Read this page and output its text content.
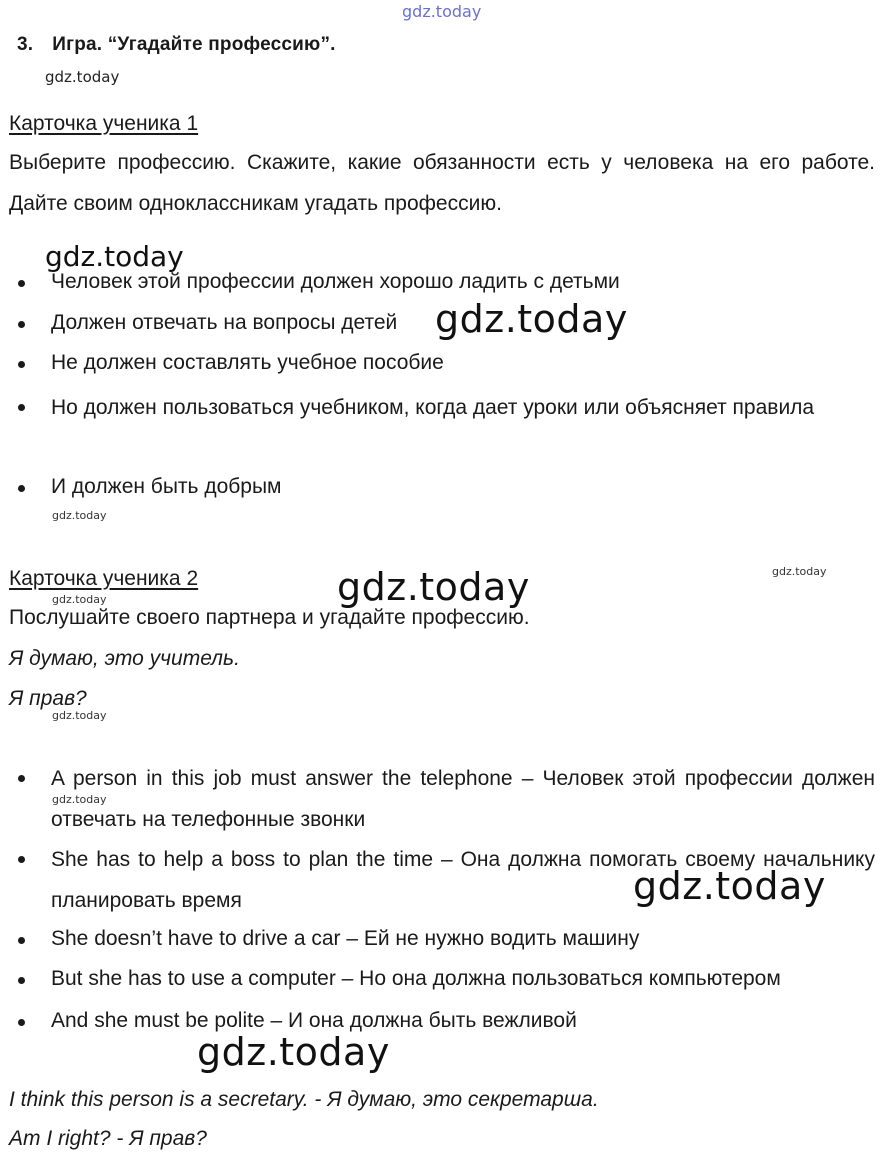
gdz.today
gdz.today
gdz.today
gdz.today
gdz.today
gdz.today	gdz.today
gdz.today
gdz.today
gdz.today
gdz.today
gdz.today
3. Игра. “Угадайте профессию”.
Карточка ученика 1
Выберите профессию. Скажите, какие обязанности есть у человека на его работе. Дайте своим одноклассникам угадать профессию.
Человек этой профессии должен хорошо ладить с детьми
Должен отвечать на вопросы детей
Не должен составлять учебное пособие
Но должен пользоваться учебником, когда дает уроки или объясняет правила
И должен быть добрым
Карточка ученика 2
Послушайте своего партнера и угадайте профессию.
Я думаю, это учитель.
Я прав?
A person in this job must answer the telephone – Человек этой профессии должен отвечать на телефонные звонки
She has to help a boss to plan the time – Она должна помогать своему начальнику планировать время
She doesn’t have to drive a car – Ей не нужно водить машину
But she has to use a computer – Но она должна пользоваться компьютером
And she must be polite – И она должна быть вежливой
I think this person is a secretary. - Я думаю, это секретарша.
Am I right? - Я прав?
